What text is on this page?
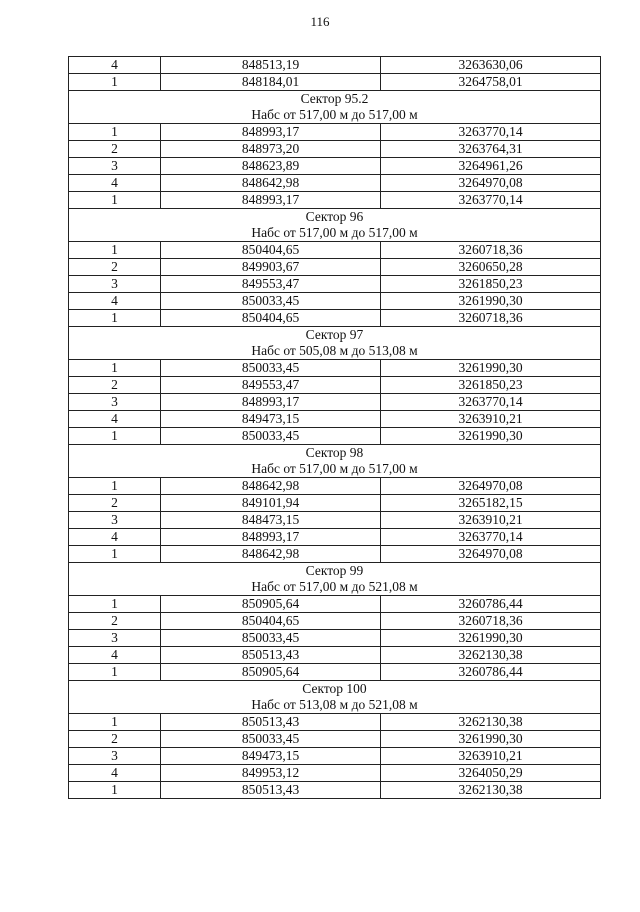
116
4	848513,19	3263630,06
1	848184,01	3264758,01
Сектор 95.2		
Набс от 517,00 м до 517,00 м		
1	848993,17	3263770,14
2	848973,20	3263764,31
3	848623,89	3264961,26
4	848642,98	3264970,08
1	848993,17	3263770,14
Сектор 96		
Набс от 517,00 м до 517,00 м		
1	850404,65	3260718,36
2	849903,67	3260650,28
3	849553,47	3261850,23
4	850033,45	3261990,30
1	850404,65	3260718,36
Сектор 97		
Набс от 505,08 м до 513,08 м		
1	850033,45	3261990,30
2	849553,47	3261850,23
3	848993,17	3263770,14
4	849473,15	3263910,21
1	850033,45	3261990,30
Сектор 98		
Набс от 517,00 м до 517,00 м		
1	848642,98	3264970,08
2	849101,94	3265182,15
3	848473,15	3263910,21
4	848993,17	3263770,14
1	848642,98	3264970,08
Сектор 99		
Набс от 517,00 м до 521,08 м		
1	850905,64	3260786,44
2	850404,65	3260718,36
3	850033,45	3261990,30
4	850513,43	3262130,38
1	850905,64	3260786,44
Сектор 100		
Набс от 513,08 м до 521,08 м		
1	850513,43	3262130,38
2	850033,45	3261990,30
3	849473,15	3263910,21
4	849953,12	3264050,29
1	850513,43	3262130,38
